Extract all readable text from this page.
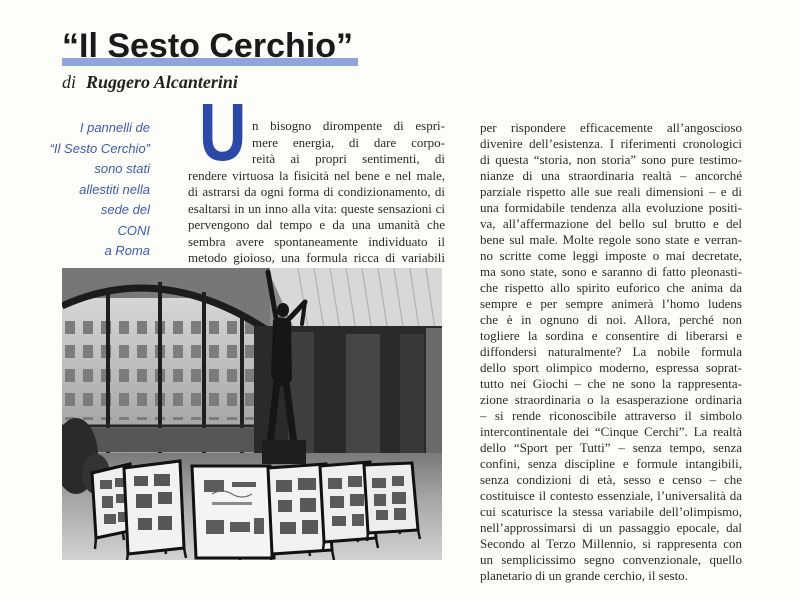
“Il Sesto Cerchio”
di Ruggero Alcanterini
I pannelli de
“Il Sesto Cerchio”
sono stati
allestiti nella
sede del
CONI
a Roma
U n bisogno dirompente di espri-
mere energia, di dare corpo-
reità ai propri sentimenti, di
rendere virtuosa la fisicità nel bene e nel male,
di astrarsi da ogni forma di condizionamento, di
esaltarsi in un inno alla vita: queste sensazioni ci
pervengono dal tempo e da una umanità che
sembra avere spontaneamente individuato il
metodo gioioso, una formula ricca di variabili
per rispondere efficacemente all’angoscioso
divenire dell’esistenza. I riferimenti cronologici
di questa “storia, non storia” sono pure testimo-
nianze di una straordinaria realtà – ancorché
parziale rispetto alle sue reali dimensioni – e di
una formidabile tendenza alla evoluzione positi-
va, all’affermazione del bello sul brutto e del
bene sul male. Molte regole sono state e verran-
no scritte come leggi imposte o mai decretate,
ma sono state, sono e saranno di fatto pleonasti-
che rispetto allo spirito euforico che anima da
sempre e per sempre animerà l’homo ludens
che è in ognuno di noi. Allora, perché non
togliere la sordina e consentire di liberarsi e
diffondersi naturalmente? La nobile formula
dello sport olimpico moderno, espressa soprat-
tutto nei Giochi – che ne sono la rappresenta-
zione straordinaria o la esasperazione ordinaria
– si rende riconoscibile attraverso il simbolo
intercontinentale dei “Cinque Cerchi”. La realtà
dello “Sport per Tutti” – senza tempo, senza
confini, senza discipline e formule intangibili,
senza condizioni di età, sesso e censo – che
costituisce il contesto essenziale, l’universalità da
cui scaturisce la stessa variabile dell’olimpismo,
nell’approssimarsi di un passaggio epocale, dal
Secondo al Terzo Millennio, si rappresenta con
un semplicissimo segno convenzionale, quello
planetario di un grande cerchio, il sesto.
